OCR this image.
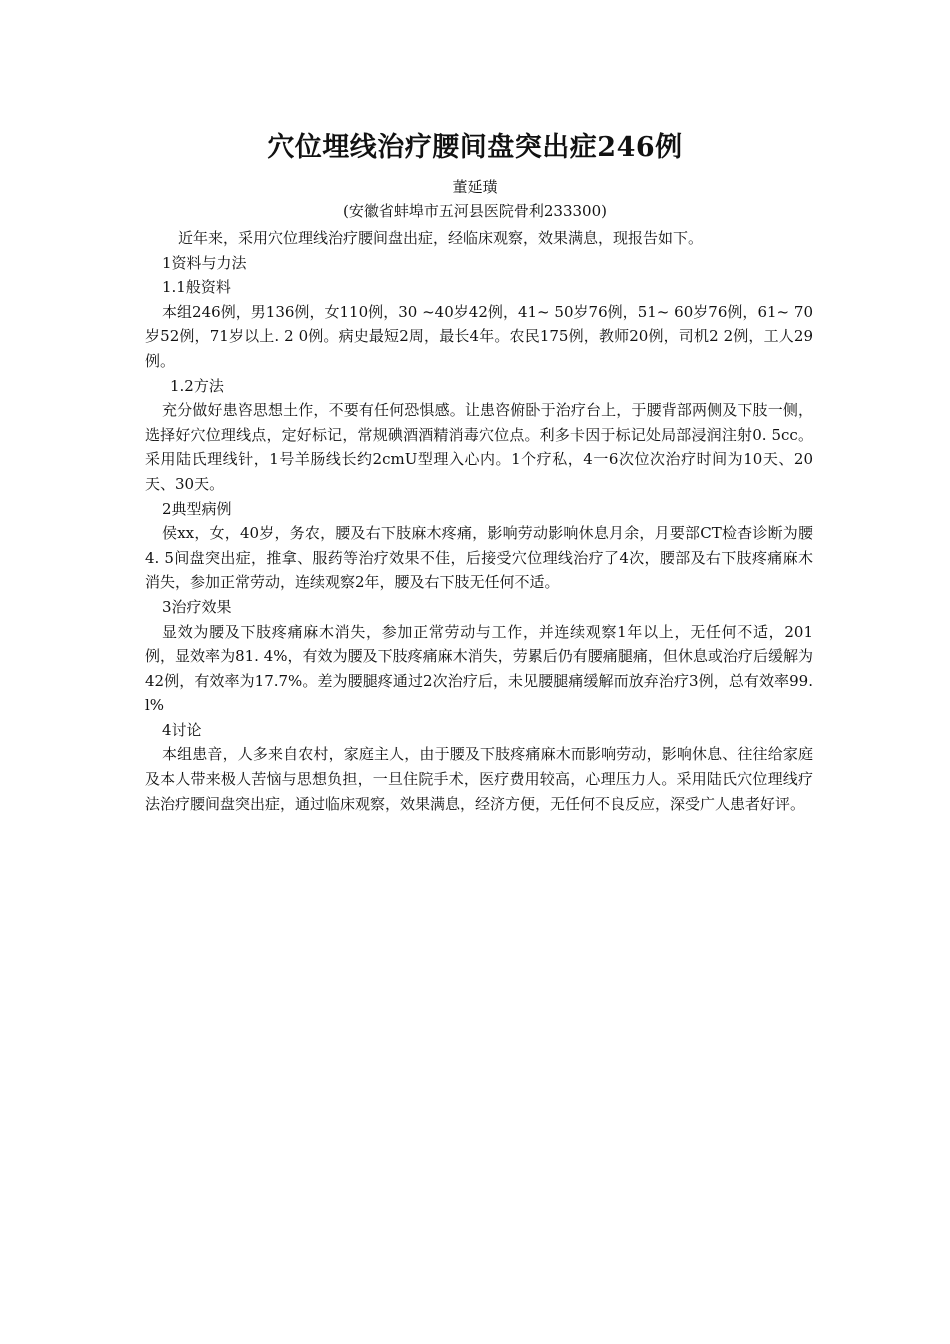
穴位埋线治疗腰间盘突出症246例
董延璜
(安徽省蚌埠市五河县医院骨利233300)

近年来，采用穴位理线治疗腰间盘出症，经临床观察，效果满息，现报告如下。

1资料与力法

1.1般资料

本组246例，男136例，女110例，30 ~40岁42例，41~ 50岁76例，51~ 60岁76例，61~ 70岁52例，71岁以上. 2 0例。病史最短2周，最长4年。农民175例，教师20例，司机2 2例，工人29例。

1.2方法

充分做好患咨思想土作，不要有任何恐惧感。让患咨俯卧于治疗台上，于腰背部两侧及下肢一侧，选择好穴位理线点，定好标记，常规碘酒酒精消毒穴位点。利多卡因于标记处局部浸润注射0. 5cc。采用陆氏理线针，1号羊肠线长约2cmU型理入心内。1个疗私，4一6次位次治疗时间为10天、20天、30天。

2典型病例

侯xx，女，40岁，务农，腰及右下肢麻木疼痛，影响劳动影响休息月余，月要部CT检杳诊断为腰4. 5间盘突出症，推拿、服药等治疗效果不佳，后接受穴位理线治疗了4次，腰部及右下肢疼痛麻木消失，参加正常劳动，连续观察2年，腰及右下肢无任何不适。

3治疗效果

显效为腰及下肢疼痛麻木消失，参加正常劳动与工作，并连续观察1年以上，无任何不适，201例，显效率为81. 4%，有效为腰及下肢疼痛麻木消失，劳累后仍有腰痛腿痛，但休息或治疗后缓解为42例，有效率为17.7%。差为腰腿疼通过2次治疗后，未见腰腿痛缓解而放弃治疗3例，总有效率99. l%

4讨论

本组患音，人多来自农村，家庭主人，由于腰及下肢疼痛麻木而影响劳动，影响休息、往往给家庭及本人带来极人苦恼与思想负担，一旦住院手术，医疗费用较高，心理压力人。采用陆氏穴位理线疗法治疗腰间盘突出症，通过临床观察，效果满息，经济方便，无任何不良反应，深受广人患者好评。
